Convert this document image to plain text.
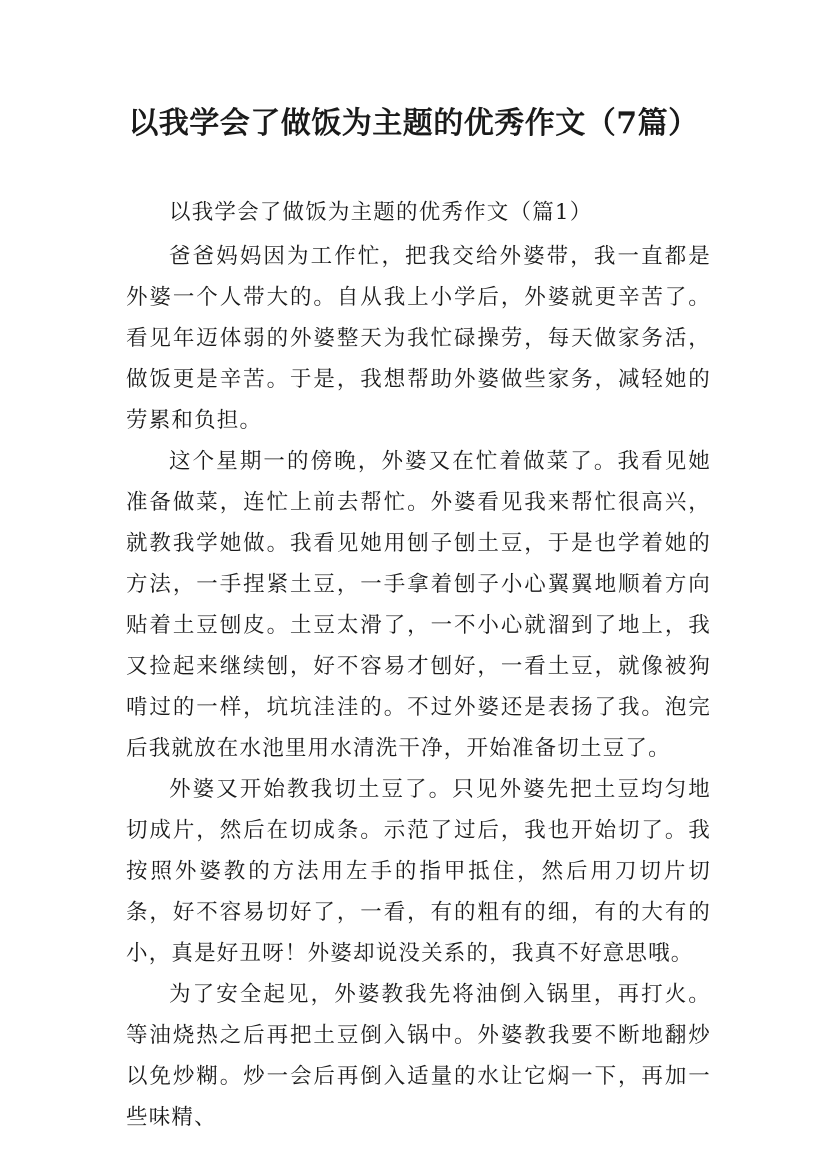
以我学会了做饭为主题的优秀作文（7篇）

以我学会了做饭为主题的优秀作文（篇1）

爸爸妈妈因为工作忙，把我交给外婆带，我一直都是外婆一个人带大的。自从我上小学后，外婆就更辛苦了。看见年迈体弱的外婆整天为我忙碌操劳，每天做家务活，做饭更是辛苦。于是，我想帮助外婆做些家务，减轻她的劳累和负担。

这个星期一的傍晚，外婆又在忙着做菜了。我看见她准备做菜，连忙上前去帮忙。外婆看见我来帮忙很高兴，就教我学她做。我看见她用刨子刨土豆，于是也学着她的方法，一手捏紧土豆，一手拿着刨子小心翼翼地顺着方向贴着土豆刨皮。土豆太滑了，一不小心就溜到了地上，我又捡起来继续刨，好不容易才刨好，一看土豆，就像被狗啃过的一样，坑坑洼洼的。不过外婆还是表扬了我。泡完后我就放在水池里用水清洗干净，开始准备切土豆了。

外婆又开始教我切土豆了。只见外婆先把土豆均匀地切成片，然后在切成条。示范了过后，我也开始切了。我按照外婆教的方法用左手的指甲抵住，然后用刀切片切条，好不容易切好了，一看，有的粗有的细，有的大有的小，真是好丑呀！外婆却说没关系的，我真不好意思哦。

为了安全起见，外婆教我先将油倒入锅里，再打火。等油烧热之后再把土豆倒入锅中。外婆教我要不断地翻炒以免炒糊。炒一会后再倒入适量的水让它焖一下，再加一些味精、
